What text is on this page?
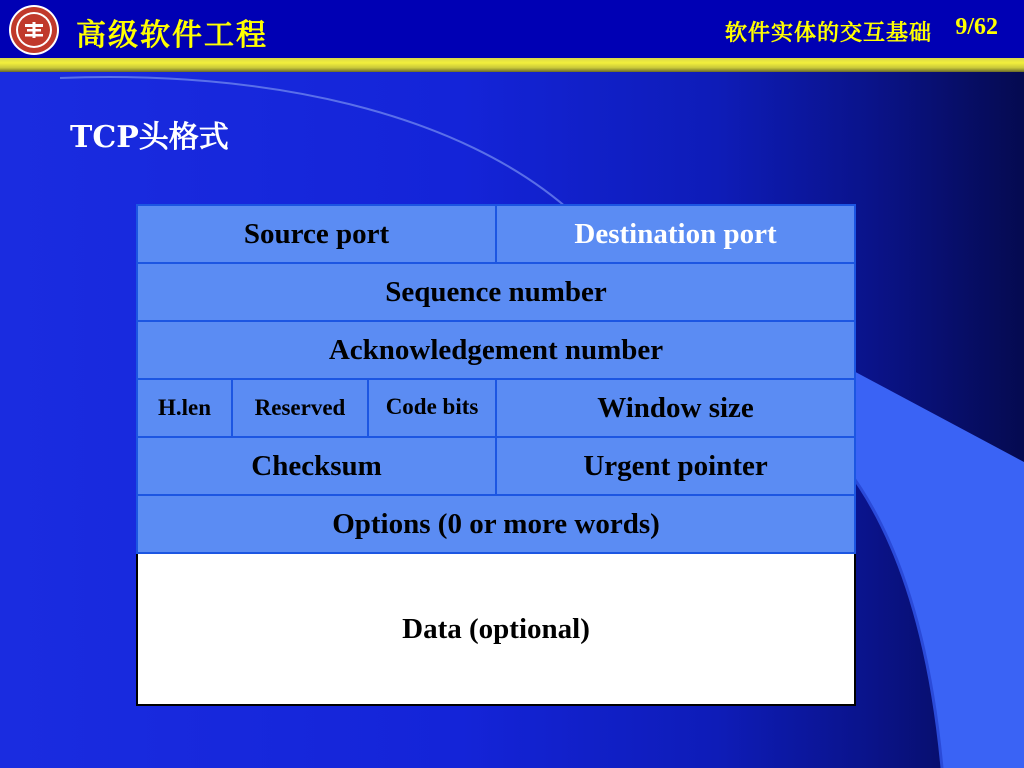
高级软件工程	软件实体的交互基础 9/62
TCP头格式
Source port			Destination port
Sequence number			
Acknowledgement number			
H.len	Reserved	Code bits	Window size
Checksum			Urgent pointer
Options (0 or more words)			
Data (optional)			
